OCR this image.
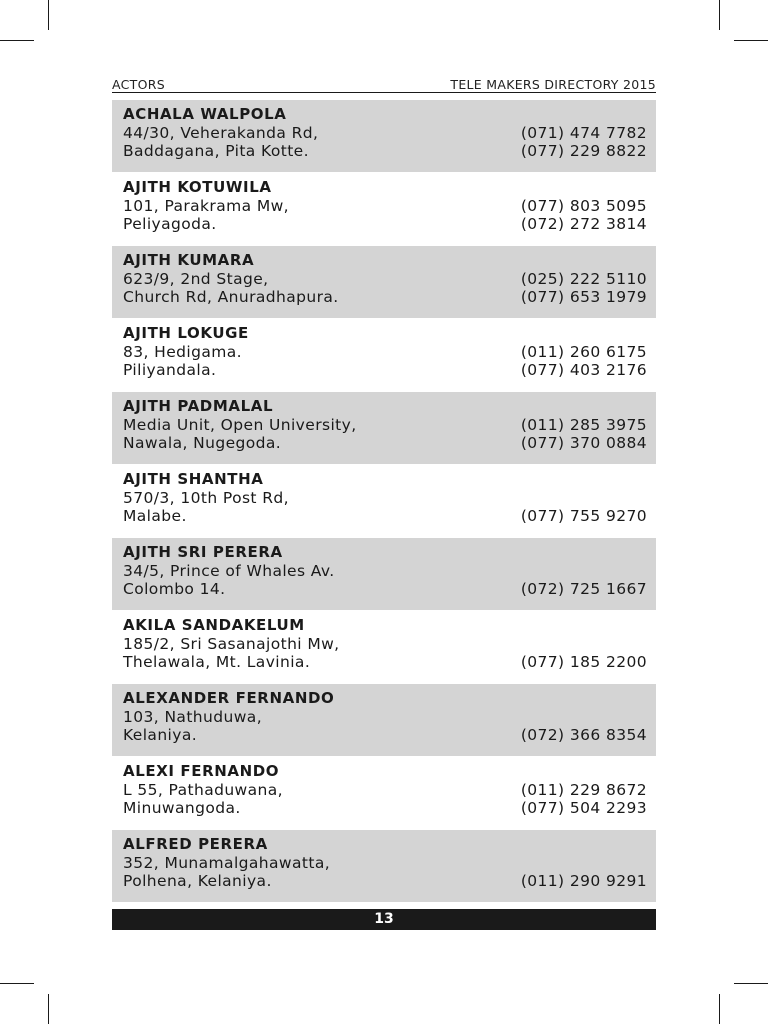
ACTORS	TELE MAKERS DIRECTORY 2015
ACHALA WALPOLA
44/30, Veherakanda Rd,	(071) 474 7782
Baddagana, Pita Kotte.	(077) 229 8822
AJITH KOTUWILA
101, Parakrama Mw,	(077) 803 5095
Peliyagoda.	(072) 272 3814
AJITH KUMARA
623/9, 2nd Stage,	(025) 222 5110
Church Rd, Anuradhapura.	(077) 653 1979
AJITH LOKUGE
83, Hedigama.	(011) 260 6175
Piliyandala.	(077) 403 2176
AJITH PADMALAL
Media Unit, Open University,	(011) 285 3975
Nawala, Nugegoda.	(077) 370 0884
AJITH SHANTHA
570/3, 10th Post Rd,
Malabe.	(077) 755 9270
AJITH SRI PERERA
34/5, Prince of Whales Av.
Colombo 14.	(072) 725 1667
AKILA SANDAKELUM
185/2, Sri Sasanajothi Mw,
Thelawala, Mt. Lavinia.	(077) 185 2200
ALEXANDER FERNANDO
103, Nathuduwa,
Kelaniya.	(072) 366 8354
ALEXI FERNANDO
L 55, Pathaduwana,	(011) 229 8672
Minuwangoda.	(077) 504 2293
ALFRED PERERA
352, Munamalgahawatta,
Polhena, Kelaniya.	(011) 290 9291
13
